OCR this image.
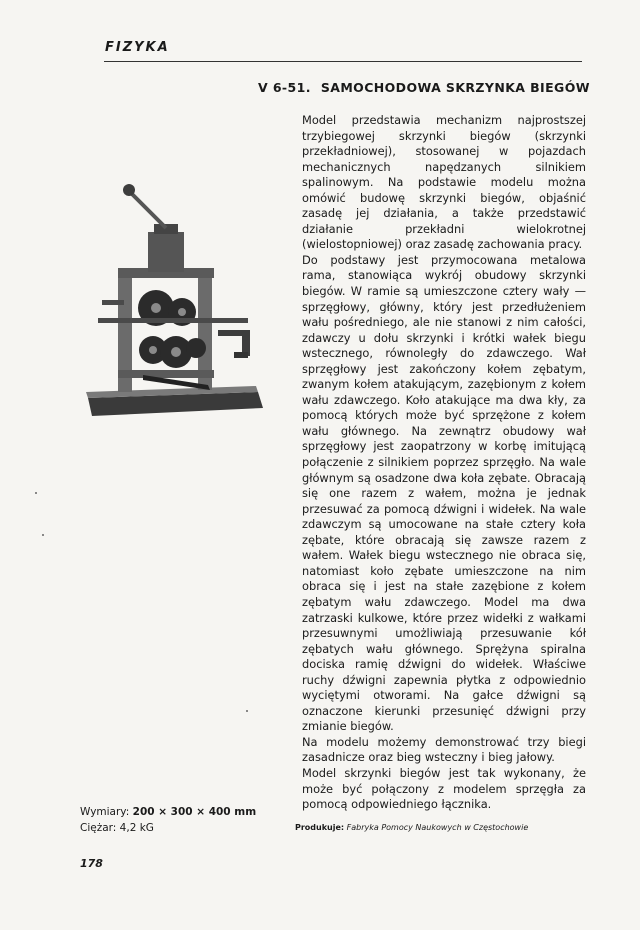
FIZYKA
V 6-51. SAMOCHODOWA SKRZYNKA BIEGÓW

Model przedstawia mechanizm najprostszej trzybiegowej skrzynki biegów (skrzynki przekładniowej), stosowanej w pojazdach mechanicznych napędzanych silnikiem spalinowym. Na podstawie modelu można omówić budowę skrzynki biegów, objaśnić zasadę jej działania, a także przedstawić działanie przekładni wielokrotnej (wielostopniowej) oraz zasadę zachowania pracy.

Do podstawy jest przymocowana metalowa rama, stanowiąca wykrój obudowy skrzynki biegów. W ramie są umieszczone cztery wały — sprzęgłowy, główny, który jest przedłużeniem wału pośredniego, ale nie stanowi z nim całości, zdawczy u dołu skrzynki i krótki wałek biegu wstecznego, równoległy do zdawczego. Wał sprzęgłowy jest zakończony kołem zębatym, zwanym kołem atakującym, zazębionym z kołem wału zdawczego. Koło atakujące ma dwa kły, za pomocą których może być sprzężone z kołem wału głównego. Na zewnątrz obudowy wał sprzęgłowy jest zaopatrzony w korbę imitującą połączenie z silnikiem poprzez sprzęgło. Na wale głównym są osadzone dwa koła zębate. Obracają się one razem z wałem, można je jednak przesuwać za pomocą dźwigni i widełek. Na wale zdawczym są umocowane na stałe cztery koła zębate, które obracają się zawsze razem z wałem. Wałek biegu wstecznego nie obraca się, natomiast koło zębate umieszczone na nim obraca się i jest na stałe zazębione z kołem zębatym wału zdawczego. Model ma dwa zatrzaski kulkowe, które przez widełki z wałkami przesuwnymi umożliwiają przesuwanie kół zębatych wału głównego. Sprężyna spiralna dociska ramię dźwigni do widełek. Właściwe ruchy dźwigni zapewnia płytka z odpowiednio wyciętymi otworami. Na gałce dźwigni są oznaczone kierunki przesunięć dźwigni przy zmianie biegów.

Na modelu możemy demonstrować trzy biegi zasadnicze oraz bieg wsteczny i bieg jałowy.

Model skrzynki biegów jest tak wykonany, że może być połączony z modelem sprzęgła za pomocą odpowiedniego łącznika.

Wymiary: 200 × 300 × 400 mm
Ciężar: 4,2 kG	Produkuje: Fabryka Pomocy Naukowych w Częstochowie
178
